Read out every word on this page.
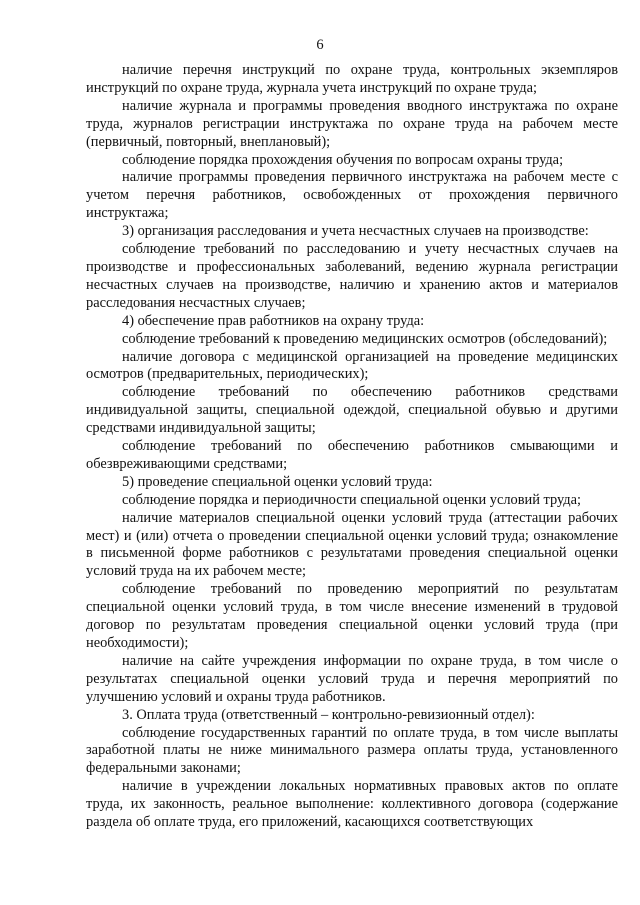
6

наличие перечня инструкций по охране труда, контрольных экземпляров инструкций по охране труда, журнала учета инструкций по охране труда;

наличие журнала и программы проведения вводного инструктажа по охране труда, журналов регистрации инструктажа по охране труда на рабочем месте (первичный, повторный, внеплановый);

соблюдение порядка прохождения обучения по вопросам охраны труда;

наличие программы проведения первичного инструктажа на рабочем месте с учетом перечня работников, освобожденных от прохождения первичного инструктажа;

3) организация расследования и учета несчастных случаев на производстве:

соблюдение требований по расследованию и учету несчастных случаев на производстве и профессиональных заболеваний, ведению журнала регистрации несчастных случаев на производстве, наличию и хранению актов и материалов расследования несчастных случаев;

4) обеспечение прав работников на охрану труда:

соблюдение требований к проведению медицинских осмотров (обследований);

наличие договора с медицинской организацией на проведение медицинских осмотров (предварительных, периодических);

соблюдение требований по обеспечению работников средствами индивидуальной защиты, специальной одеждой, специальной обувью и другими средствами индивидуальной защиты;

соблюдение требований по обеспечению работников смывающими и обезвреживающими средствами;

5) проведение специальной оценки условий труда:

соблюдение порядка и периодичности специальной оценки условий труда;

наличие материалов специальной оценки условий труда (аттестации рабочих мест) и (или) отчета о проведении специальной оценки условий труда; ознакомление в письменной форме работников с результатами проведения специальной оценки условий труда на их рабочем месте;

соблюдение требований по проведению мероприятий по результатам специальной оценки условий труда, в том числе внесение изменений в трудовой договор по результатам проведения специальной оценки условий труда (при необходимости);

наличие на сайте учреждения информации по охране труда, в том числе о результатах специальной оценки условий труда и перечня мероприятий по улучшению условий и охраны труда работников.

3. Оплата труда (ответственный – контрольно-ревизионный отдел):

соблюдение государственных гарантий по оплате труда, в том числе выплаты заработной платы не ниже минимального размера оплаты труда, установленного федеральными законами;

наличие в учреждении локальных нормативных правовых актов по оплате труда, их законность, реальное выполнение: коллективного договора (содержание раздела об оплате труда, его приложений, касающихся соответствующих
